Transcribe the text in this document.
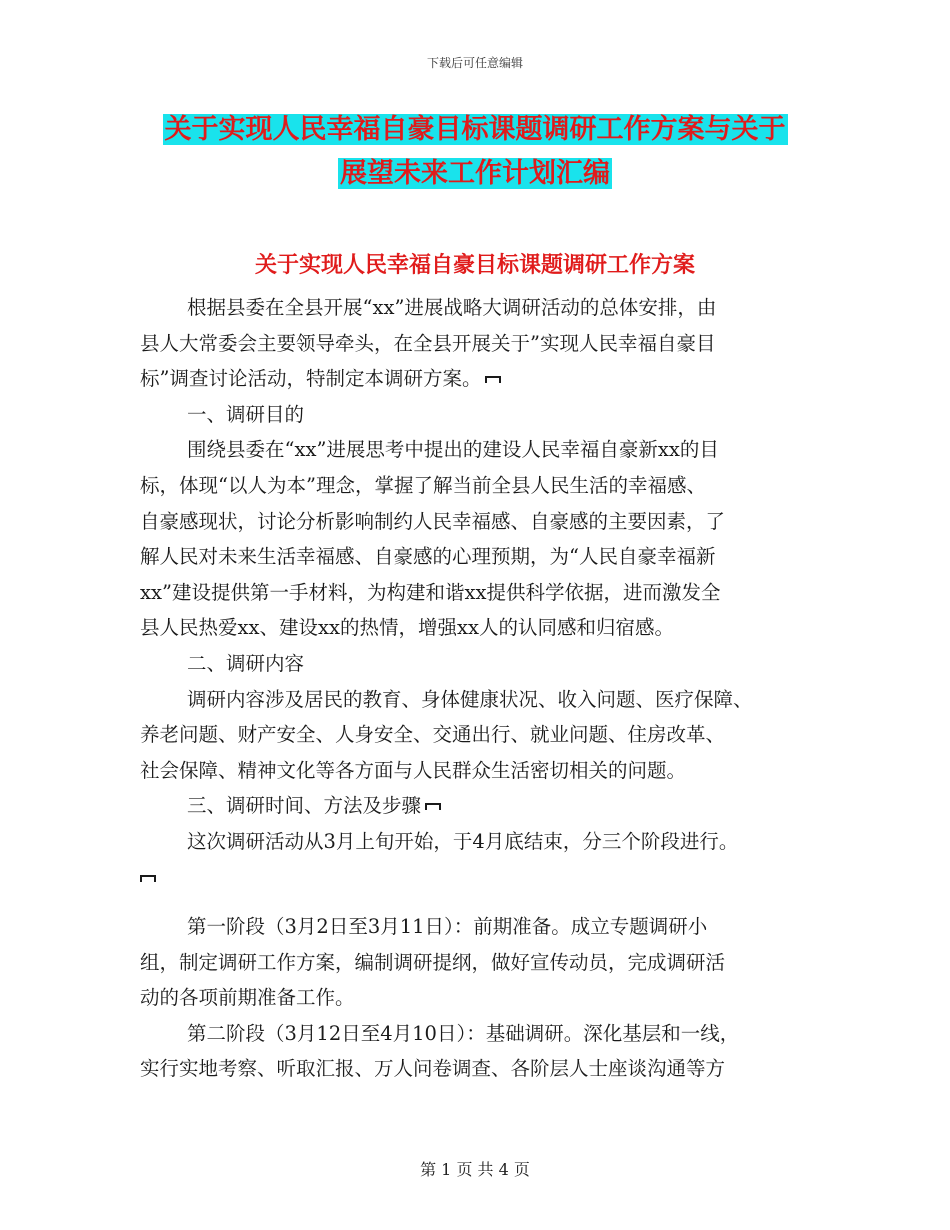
下载后可任意编辑
关于实现人民幸福自豪目标课题调研工作方案与关于
展望未来工作计划汇编
关于实现人民幸福自豪目标课题调研工作方案

根据县委在全县开展“xx”进展战略大调研活动的总体安排，由

县人大常委会主要领导牵头，在全县开展关于”实现人民幸福自豪目

标”调查讨论活动，特制定本调研方案。

一、调研目的

围绕县委在“xx”进展思考中提出的建设人民幸福自豪新xx的目

标，体现“以人为本”理念，掌握了解当前全县人民生活的幸福感、

自豪感现状，讨论分析影响制约人民幸福感、自豪感的主要因素，了

解人民对未来生活幸福感、自豪感的心理预期，为“人民自豪幸福新

xx”建设提供第一手材料，为构建和谐xx提供科学依据，进而激发全

县人民热爱xx、建设xx的热情，增强xx人的认同感和归宿感。

二、调研内容

调研内容涉及居民的教育、身体健康状况、收入问题、医疗保障、

养老问题、财产安全、人身安全、交通出行、就业问题、住房改革、

社会保障、精神文化等各方面与人民群众生活密切相关的问题。

三、调研时间、方法及步骤

这次调研活动从3月上旬开始，于4月底结束，分三个阶段进行。

第一阶段（3月2日至3月11日）：前期准备。成立专题调研小

组，制定调研工作方案，编制调研提纲，做好宣传动员，完成调研活

动的各项前期准备工作。

第二阶段（3月12日至4月10日）：基础调研。深化基层和一线，

实行实地考察、听取汇报、万人问卷调查、各阶层人士座谈沟通等方

第 1 页 共 4 页
